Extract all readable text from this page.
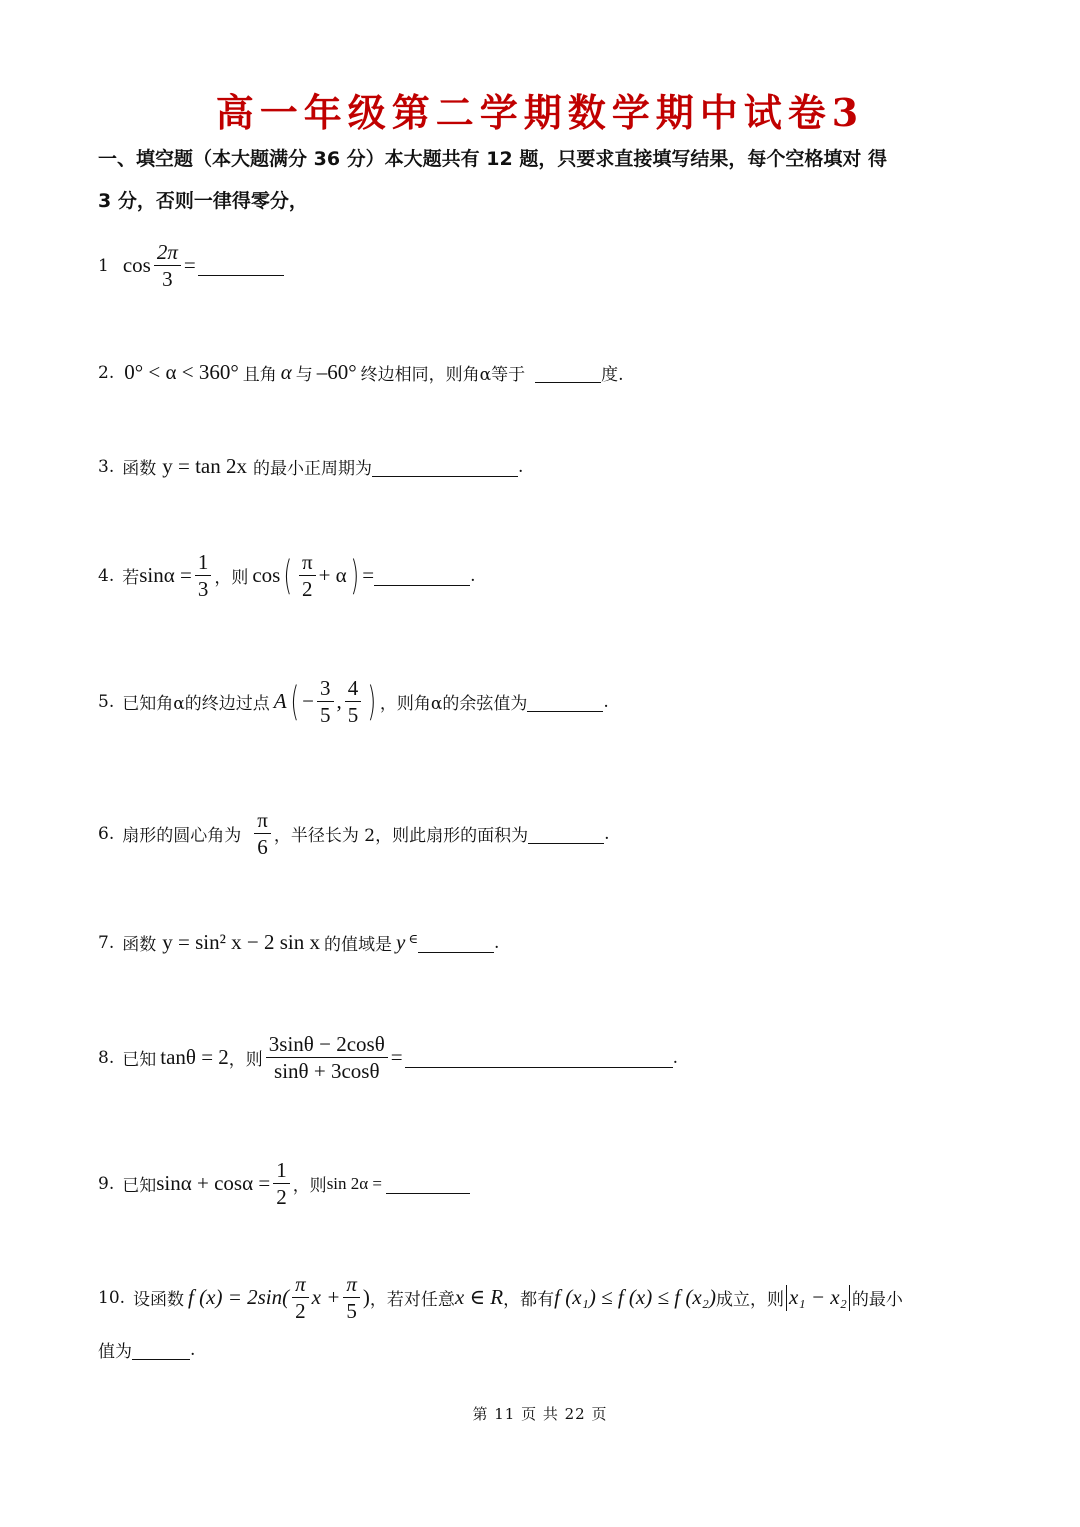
高一年级第二学期数学期中试卷3
一、填空题（本大题满分 36 分）本大题共有 12 题，只要求直接填写结果，每个空格填对 得
3 分，否则一律得零分，
1 $\cos \frac{2\pi}{3}$ =
2. 0° < α < 360° 且角 α 与 –60° 终边相同，则角α等于	度.
3. 函数 y = tan 2x 的最小正周期为	.
4. 若 $\sin\alpha = \frac{1}{3}$ ，则 cos ( $\frac{\pi}{2} + \alpha$ ) =	.
5. 已知角α的终边过点 A ( − $\frac{3}{5}$ , $\frac{4}{5}$ ) ，则角α的余弦值为	.
6. 扇形的圆心角为 $\frac{\pi}{6}$ ，半径长为 2，则此扇形的面积为	.
7. 函数 y = sin² x − 2 sin x 的值域是 y ∈	.
8. 已知 tanθ = 2 ，则 $\frac{3\sin\theta - 2\cos\theta}{\sin\theta + 3\cos\theta}$ =	.
9. 已知 $\sin\alpha + \cos\alpha = \frac{1}{2}$ ，则 sin 2α =
10. 设函数 f $(x) = 2\sin( \frac{\pi}{2}$ $x + \frac{\pi}{5}$ ) ，若对任意 x ∈ R ，都有 f (x₁) ≤ f (x) ≤ f (x₂) 成立，则 x₁ − x₂ 的最小
值为	.
第 11 页 共 22 页
